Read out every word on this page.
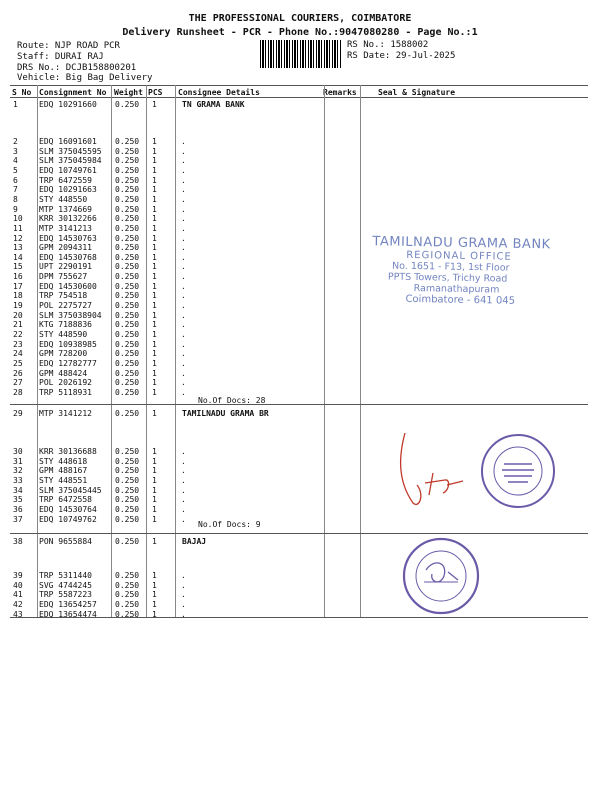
THE PROFESSIONAL COURIERS, COIMBATORE
Delivery Runsheet - PCR - Phone No.:9047080280 - Page No.:1
Route: NJP ROAD PCR
Staff: DURAI RAJ
DRS No.: DCJB158800201
Vehicle: Big Bag Delivery
RS No.: 1588002
RS Date: 29-Jul-2025
S No Consignment No Weight PCS Consignee Details	Remarks	Seal & Signature
1	EDQ 10291660 0.250 1	TN GRAMA BANK
2	EDQ 16091601 0.250 1	.
3	SLM 375045595 0.250 1	.
4	SLM 375045984 0.250 1	.
5	EDQ 10749761 0.250 1	.
6	TRP 6472559	0.250 1	.
7	EDQ 10291663 0.250 1	.
8	STY 448550	0.250 1	.
9	MTP 1374669	0.250 1	.
10 KRR 30132266 0.250 1	.
11 MTP 3141213	0.250 1	.
12 EDQ 14530763 0.250 1	.
13 GPM 2094311	0.250 1	.
14 EDQ 14530768 0.250 1	.
15 UPT 2290191	0.250 1	.
16 DPM 755627	0.250 1	.
17 EDQ 14530600 0.250 1	.
18 TRP 754518	0.250 1	.
19 POL 2275727	0.250 1	.
20 SLM 375038904 0.250 1	.
21 KTG 7188836	0.250 1	.
22 STY 448590	0.250 1	.
23 EDQ 10938985 0.250 1	.
24 GPM 728200	0.250 1	.
25 EDQ 12782777 0.250 1	.
26 GPM 488424	0.250 1	.
27 POL 2026192	0.250 1	.
28 TRP 5118931	0.250 1	.
No.Of Docs: 28
29 MTP 3141212	0.250 1	TAMILNADU GRAMA BR
30 KRR 30136688 0.250 1	.
31 STY 448618	0.250 1	.
32 GPM 488167	0.250 1	.
33 STY 448551	0.250 1	.
34 SLM 375045445 0.250 1	.
35 TRP 6472558	0.250 1	.
36 EDQ 14530764 0.250 1	.
37 EDQ 10749762 0.250 1	.
No.Of Docs: 9
38 PON 9655884	0.250 1	BAJAJ
39 TRP 5311440	0.250 1	.
40 SVG 4744245	0.250 1	.
41 TRP 5587223	0.250 1	.
42 EDQ 13654257 0.250 1	.
43 EDQ 13654474 0.250 1	.
TAMILNADU GRAMA BANK
REGIONAL OFFICE
No. 1651 - F13, 1st Floor
PPTS Towers, Trichy Road
Ramanathapuram
Coimbatore - 641 045
